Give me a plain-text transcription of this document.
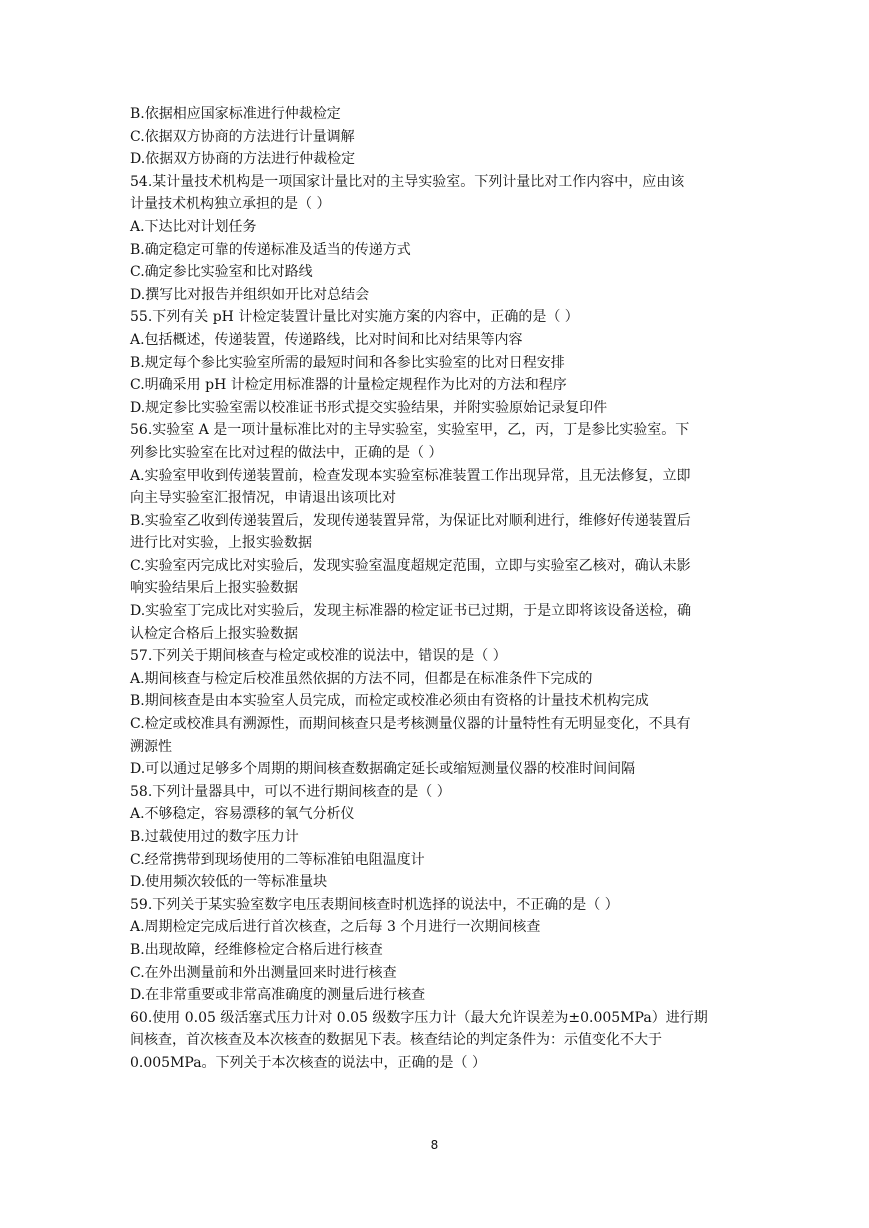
B.依据相应国家标准进行仲裁检定
C.依据双方协商的方法进行计量调解
D.依据双方协商的方法进行仲裁检定
54.某计量技术机构是一项国家计量比对的主导实验室。下列计量比对工作内容中，应由该
计量技术机构独立承担的是（ ）
A.下达比对计划任务
B.确定稳定可靠的传递标准及适当的传递方式
C.确定参比实验室和比对路线
D.撰写比对报告并组织如开比对总结会
55.下列有关 pH 计检定装置计量比对实施方案的内容中，正确的是（ ）
A.包括概述，传递装置，传递路线，比对时间和比对结果等内容
B.规定每个参比实验室所需的最短时间和各参比实验室的比对日程安排
C.明确采用 pH 计检定用标准器的计量检定规程作为比对的方法和程序
D.规定参比实验室需以校准证书形式提交实验结果，并附实验原始记录复印件
56.实验室 A 是一项计量标准比对的主导实验室，实验室甲，乙，丙，丁是参比实验室。下
列参比实验室在比对过程的做法中，正确的是（ ）
A.实验室甲收到传递装置前，检查发现本实验室标准装置工作出现异常，且无法修复，立即
向主导实验室汇报情况，申请退出该项比对
B.实验室乙收到传递装置后，发现传递装置异常，为保证比对顺利进行，维修好传递装置后
进行比对实验，上报实验数据
C.实验室丙完成比对实验后，发现实验室温度超规定范围，立即与实验室乙核对，确认未影
响实验结果后上报实验数据
D.实验室丁完成比对实验后，发现主标准器的检定证书已过期，于是立即将该设备送检，确
认检定合格后上报实验数据
57.下列关于期间核查与检定或校准的说法中，错误的是（ ）
A.期间核查与检定后校准虽然依据的方法不同，但都是在标准条件下完成的
B.期间核查是由本实验室人员完成，而检定或校准必须由有资格的计量技术机构完成
C.检定或校准具有溯源性，而期间核查只是考核测量仪器的计量特性有无明显变化，不具有
溯源性
D.可以通过足够多个周期的期间核查数据确定延长或缩短测量仪器的校准时间间隔
58.下列计量器具中，可以不进行期间核查的是（ ）
A.不够稳定，容易漂移的氧气分析仪
B.过载使用过的数字压力计
C.经常携带到现场使用的二等标准铂电阻温度计
D.使用频次较低的一等标准量块
59.下列关于某实验室数字电压表期间核查时机选择的说法中，不正确的是（ ）
A.周期检定完成后进行首次核查，之后每 3 个月进行一次期间核查
B.出现故障，经维修检定合格后进行核查
C.在外出测量前和外出测量回来时进行核查
D.在非常重要或非常高准确度的测量后进行核查
60.使用 0.05 级活塞式压力计对 0.05 级数字压力计（最大允许误差为±0.005MPa）进行期
间核查，首次核查及本次核查的数据见下表。核查结论的判定条件为：示值变化不大于
0.005MPa。下列关于本次核查的说法中，正确的是（ ）
8
